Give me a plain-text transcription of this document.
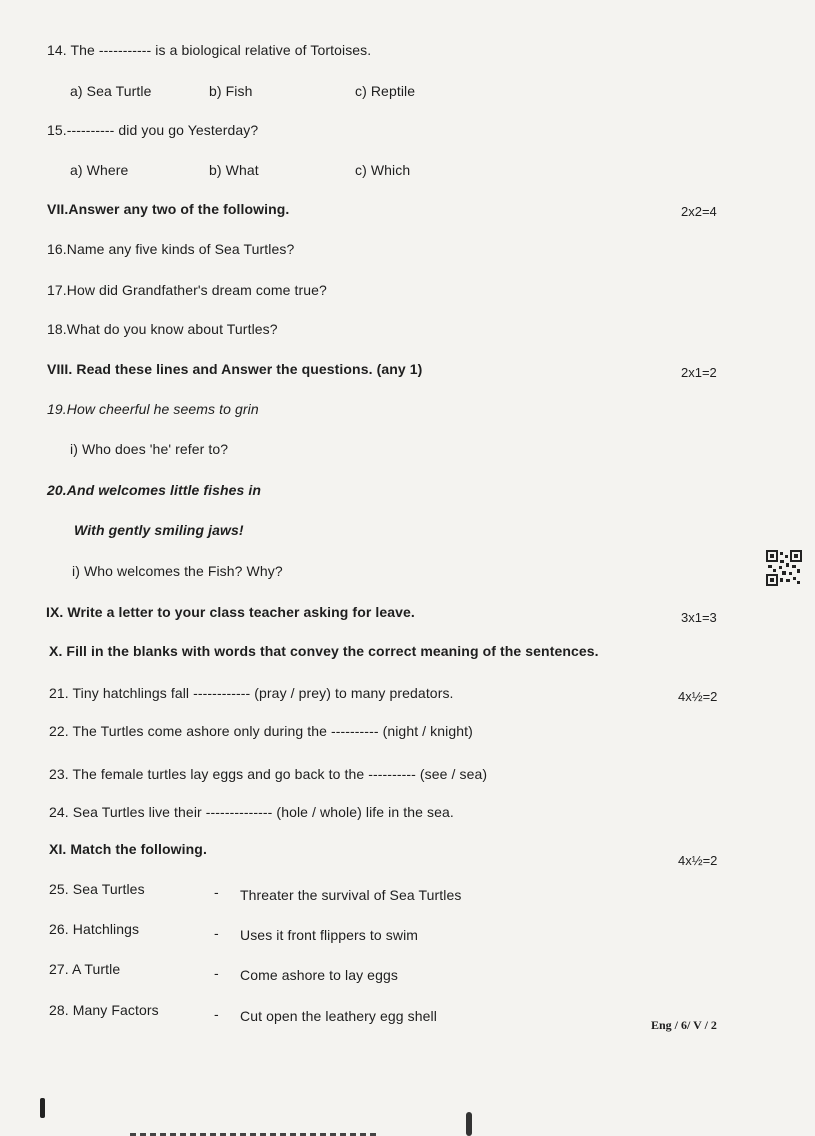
14. The ----------- is a biological relative of Tortoises.
a) Sea Turtle	b) Fish	c) Reptile
15.---------- did you go Yesterday?
a) Where	b) What	c) Which
VII.Answer any two of the following.	2x2=4
16.Name any five kinds of Sea Turtles?
17.How did Grandfather's dream come true?
18.What do you know about Turtles?
VIII. Read these lines and Answer the questions. (any 1)	2x1=2
19.How cheerful he seems to grin
i) Who does 'he' refer to?
20.And welcomes little fishes in
With gently smiling jaws!
i) Who welcomes the Fish? Why?
IX. Write a letter to your class teacher asking for leave.	3x1=3
X. Fill in the blanks with words that convey the correct meaning of the sentences.
21. Tiny hatchlings fall ------------ (pray / prey) to many predators.	4x½=2
22. The Turtles come ashore only during the ---------- (night / knight)
23. The female turtles lay eggs and go back to the ---------- (see / sea)
24. Sea Turtles live their -------------- (hole / whole) life in the sea.
XI. Match the following.
4x½=2
25. Sea Turtles	- Threater the survival of Sea Turtles
26. Hatchlings	- Uses it front flippers to swim
27. A Turtle	- Come ashore to lay eggs
28. Many Factors	- Cut open the leathery egg shell
Eng / 6/ V / 2
